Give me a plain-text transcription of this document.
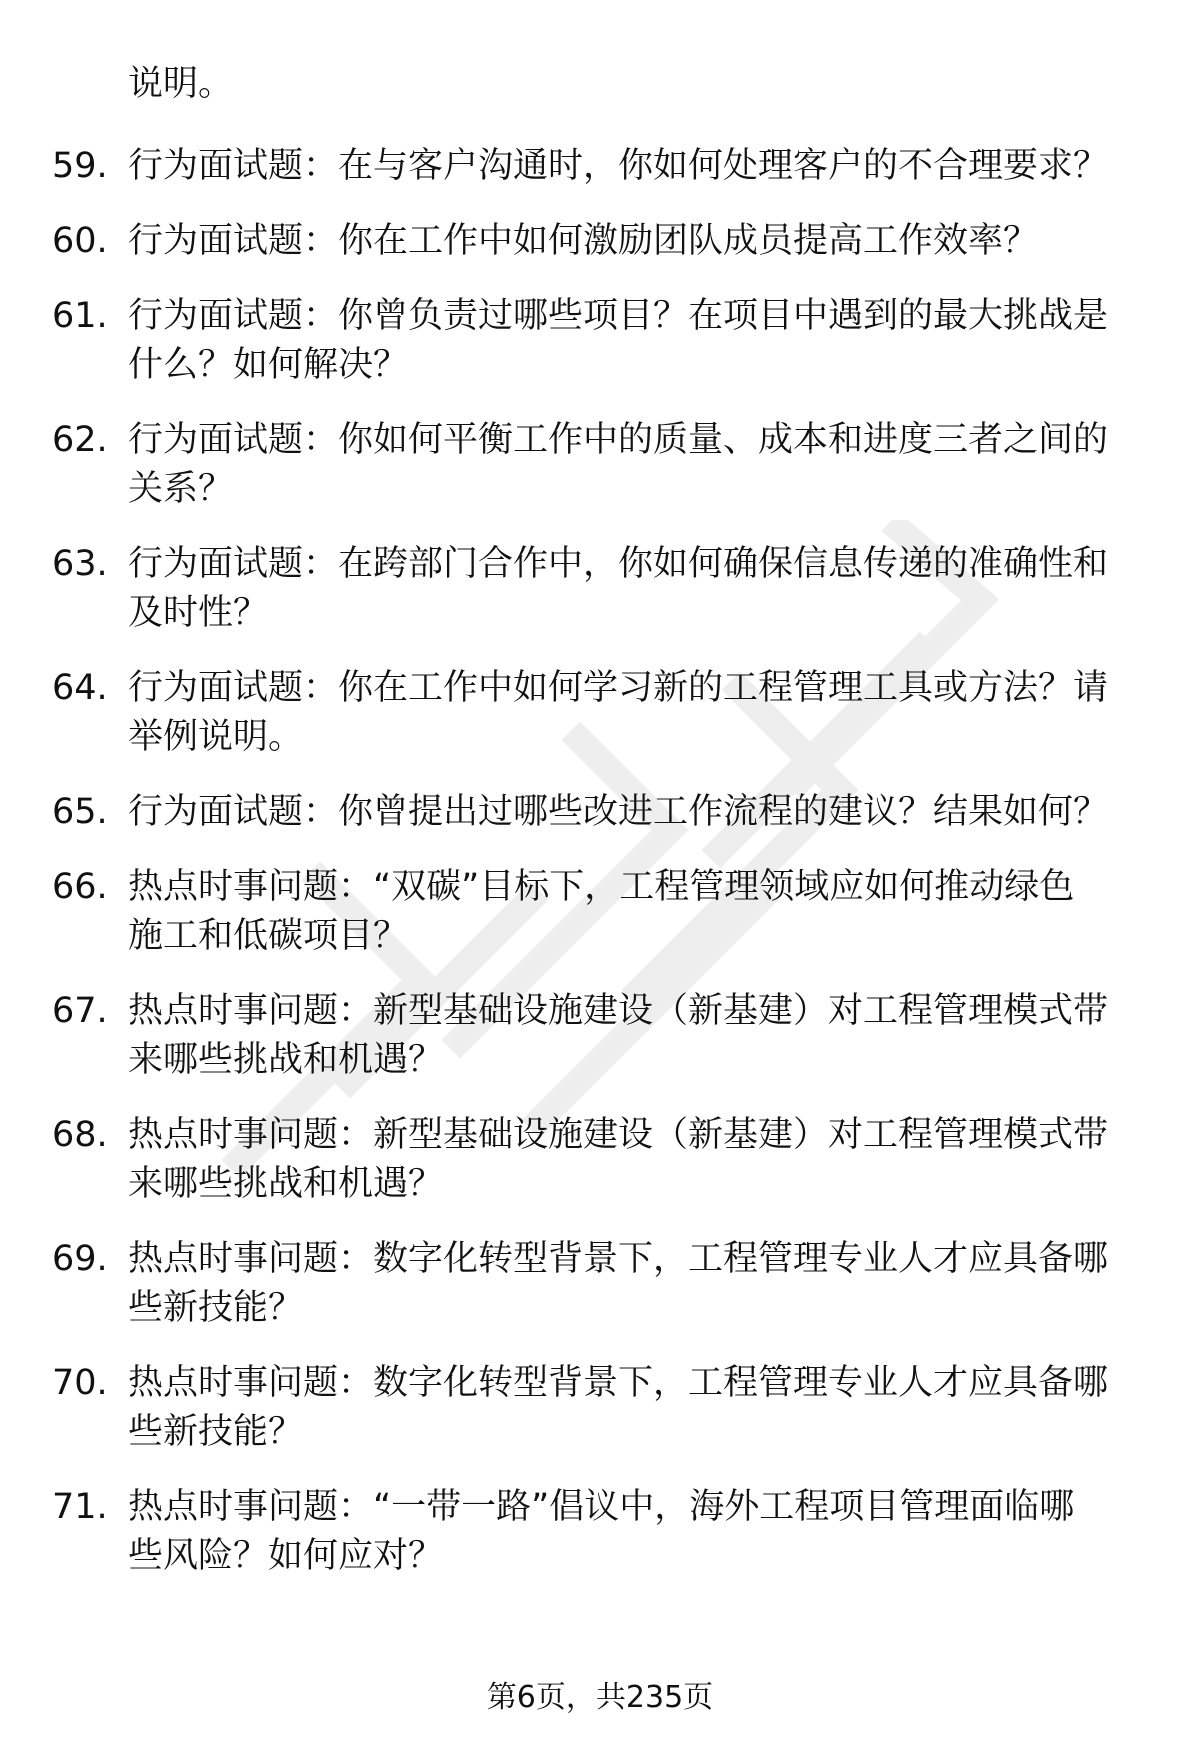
说明。

59. 行为面试题：在与客户沟通时，你如何处理客户的不合理要求？
60. 行为面试题：你在工作中如何激励团队成员提高工作效率？
61. 行为面试题：你曾负责过哪些项目？在项目中遇到的最大挑战是
什么？如何解决？
62. 行为面试题：你如何平衡工作中的质量、成本和进度三者之间的
关系？
63. 行为面试题：在跨部门合作中，你如何确保信息传递的准确性和
及时性？
64. 行为面试题：你在工作中如何学习新的工程管理工具或方法？请
举例说明。
65. 行为面试题：你曾提出过哪些改进工作流程的建议？结果如何？
66. 热点时事问题：“双碳”目标下，工程管理领域应如何推动绿色
施工和低碳项目？
67. 热点时事问题：新型基础设施建设（新基建）对工程管理模式带
来哪些挑战和机遇？
68. 热点时事问题：新型基础设施建设（新基建）对工程管理模式带
来哪些挑战和机遇？
69. 热点时事问题：数字化转型背景下，工程管理专业人才应具备哪
些新技能？
70. 热点时事问题：数字化转型背景下，工程管理专业人才应具备哪
些新技能？
71. 热点时事问题：“一带一路”倡议中，海外工程项目管理面临哪
些风险？如何应对？
第6页，共235页
